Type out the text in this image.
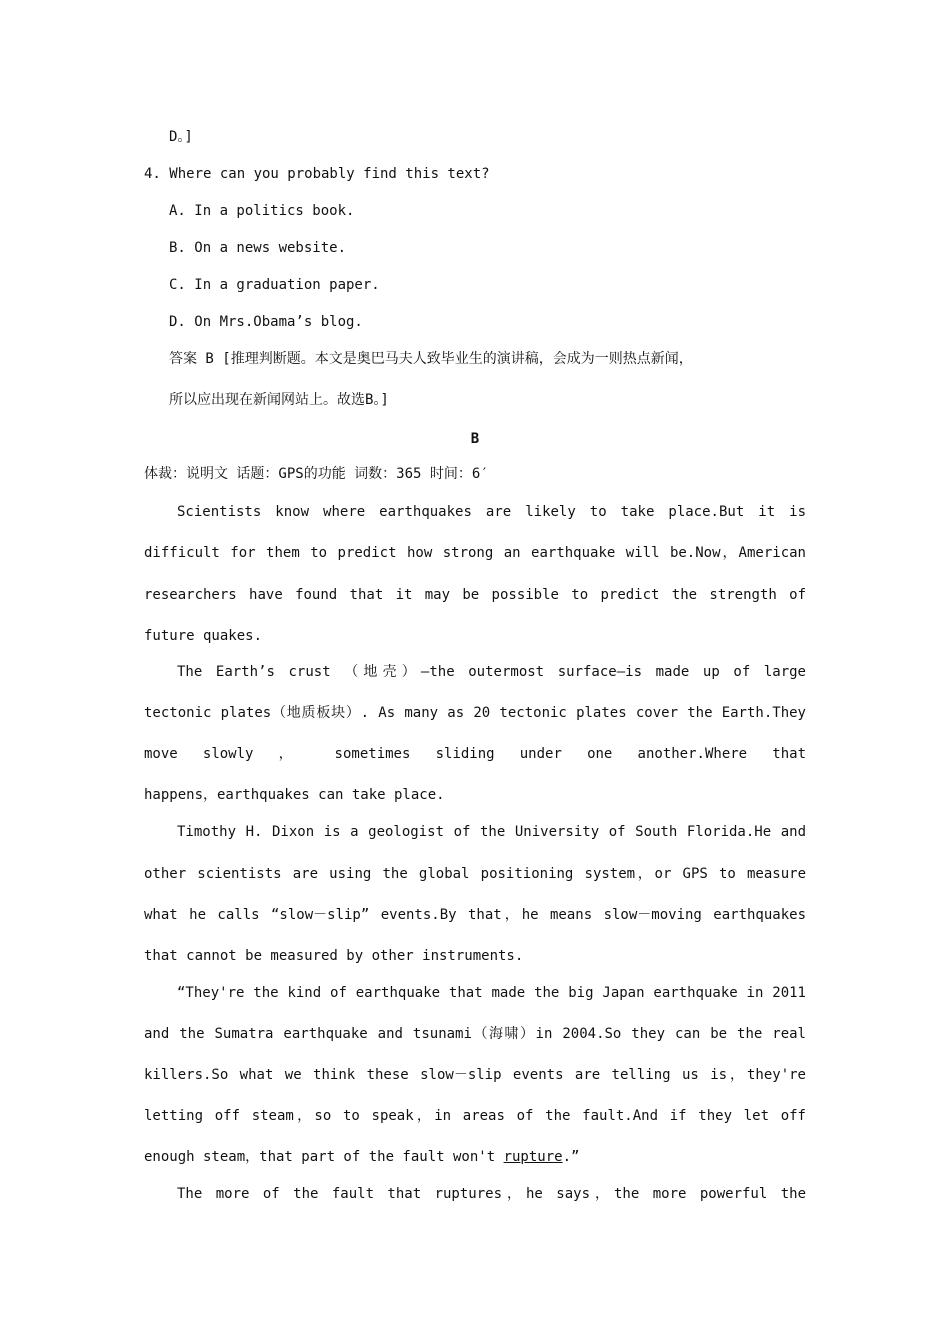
D。]
4. Where can you probably find this text?
A. In a politics book.
B. On a news website.
C. In a graduation paper.
D. On Mrs.Obama’s blog.
答案 B [推理判断题。本文是奥巴马夫人致毕业生的演讲稿，会成为一则热点新闻，
所以应出现在新闻网站上。故选B。]
B
体裁：说明文 话题：GPS的功能 词数：365 时间：6′
Scientists know where earthquakes are likely to take place.But it is
difficult for them to predict how strong an earthquake will be.Now，American
researchers have found that it may be possible to predict the strength of
future quakes.
The Earth’s crust （地壳）—the outermost surface—is made up of large
tectonic plates（地质板块）. As many as 20 tectonic plates cover the Earth.They
move slowly ， sometimes sliding under one another.Where that
happens，earthquakes can take place.
Timothy H. Dixon is a geologist of the University of South Florida.He and
other scientists are using the global positioning system，or GPS to measure
what he calls “slow－slip” events.By that，he means slow－moving earthquakes
that cannot be measured by other instruments.
“They're the kind of earthquake that made the big Japan earthquake in 2011
and the Sumatra earthquake and tsunami（海啸）in 2004.So they can be the real
killers.So what we think these slow－slip events are telling us is，they're
letting off steam，so to speak，in areas of the fault.And if they let off
enough steam，that part of the fault won't rupture.”
The more of the fault that ruptures，he says，the more powerful the
